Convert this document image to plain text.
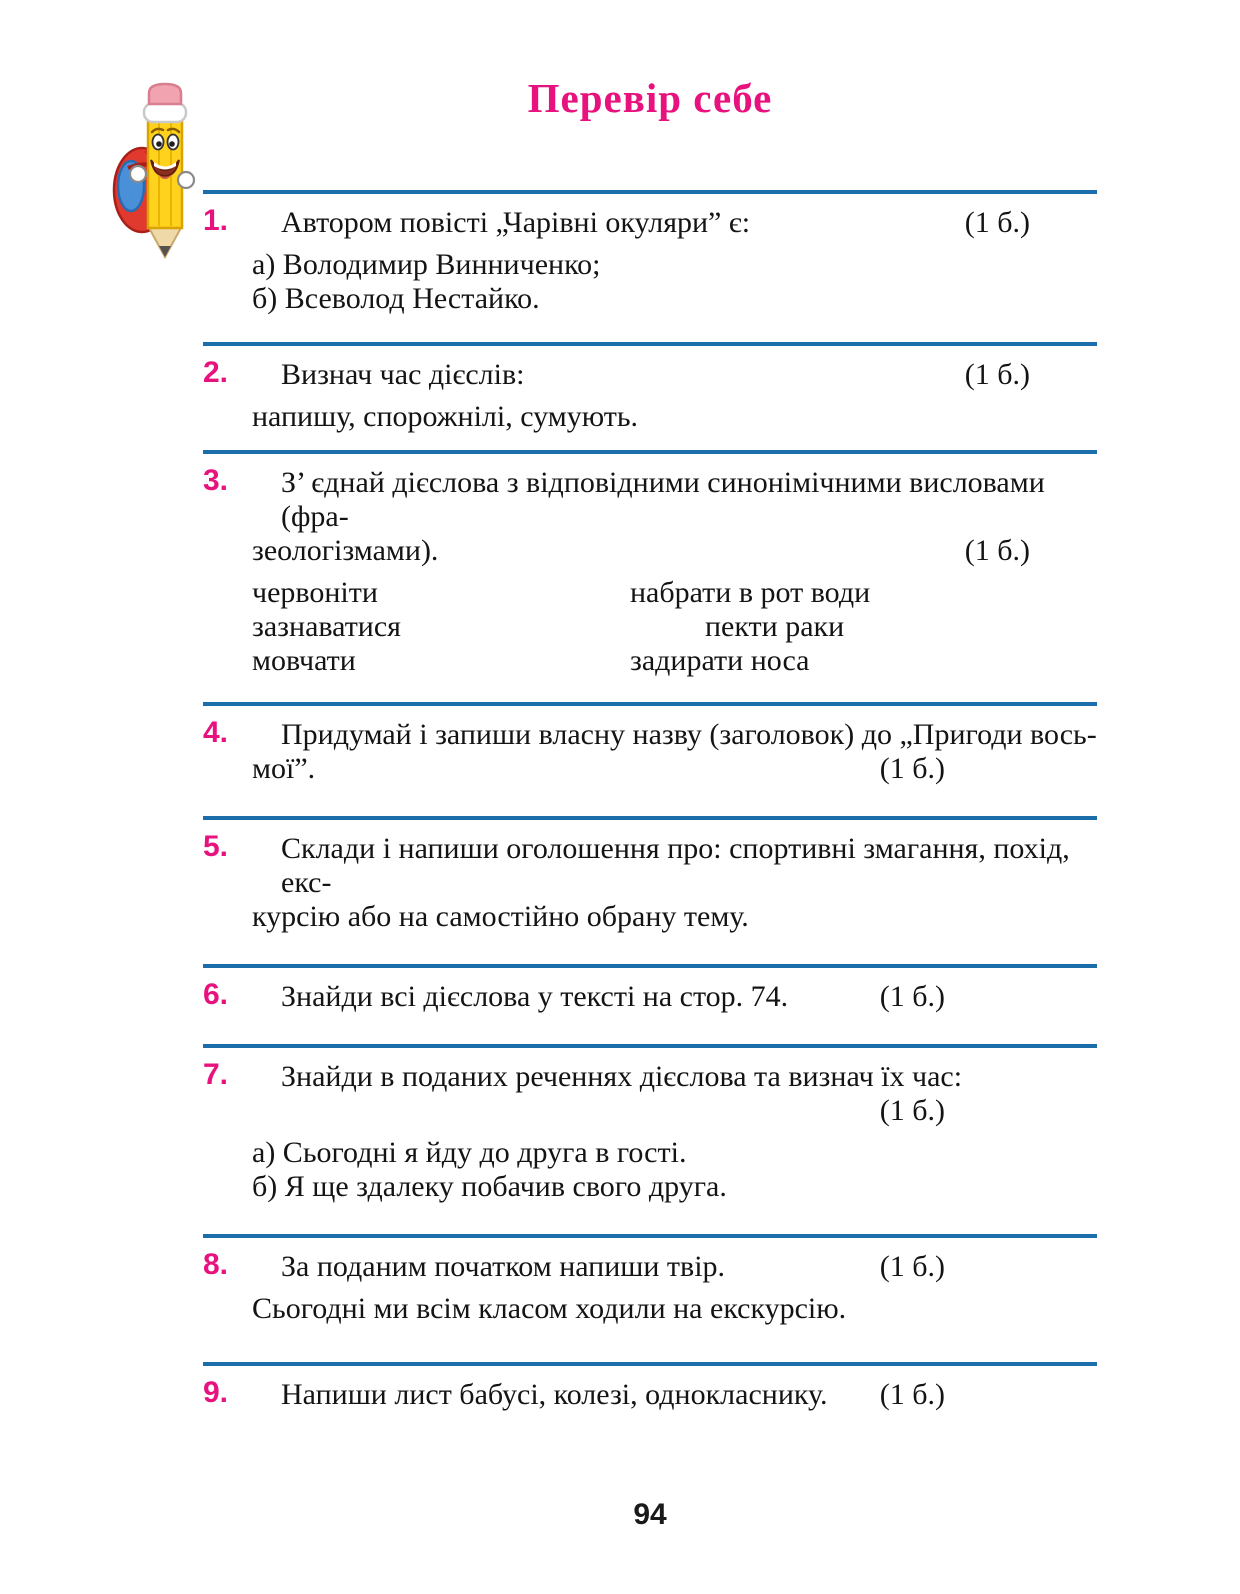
Перевір себе
1.	Автором повісті „Чарівні окуляри” є:	(1 б.)
а) Володимир Винниченко;
б) Всеволод Нестайко.
2.	Визнач час дієслів:	(1 б.)
напишу, спорожнілі, сумують.
3.	З’ єднай дієслова з відповідними синонімічними висловами (фра-
зеологізмами).	(1 б.)
червоніти	набрати в рот води
зазнаватися	пекти раки
мовчати	задирати носа
4.	Придумай і запиши власну назву (заголовок) до „Пригоди вось-
мої”.	(1 б.)
5.	Склади і напиши оголошення про: спортивні змагання, похід, екс-
курсію або на самостійно обрану тему.
6.	Знайди всі дієслова у тексті на стор. 74.	(1 б.)
7.	Знайди в поданих реченнях дієслова та визнач їх час:
(1 б.)
а) Сьогодні я йду до друга в гості.
б) Я ще здалеку побачив свого друга.
8.	За поданим початком напиши твір.	(1 б.)
Сьогодні ми всім класом ходили на екскурсію.
9.	Напиши лист бабусі, колезі, однокласнику. (1 б.)
94
